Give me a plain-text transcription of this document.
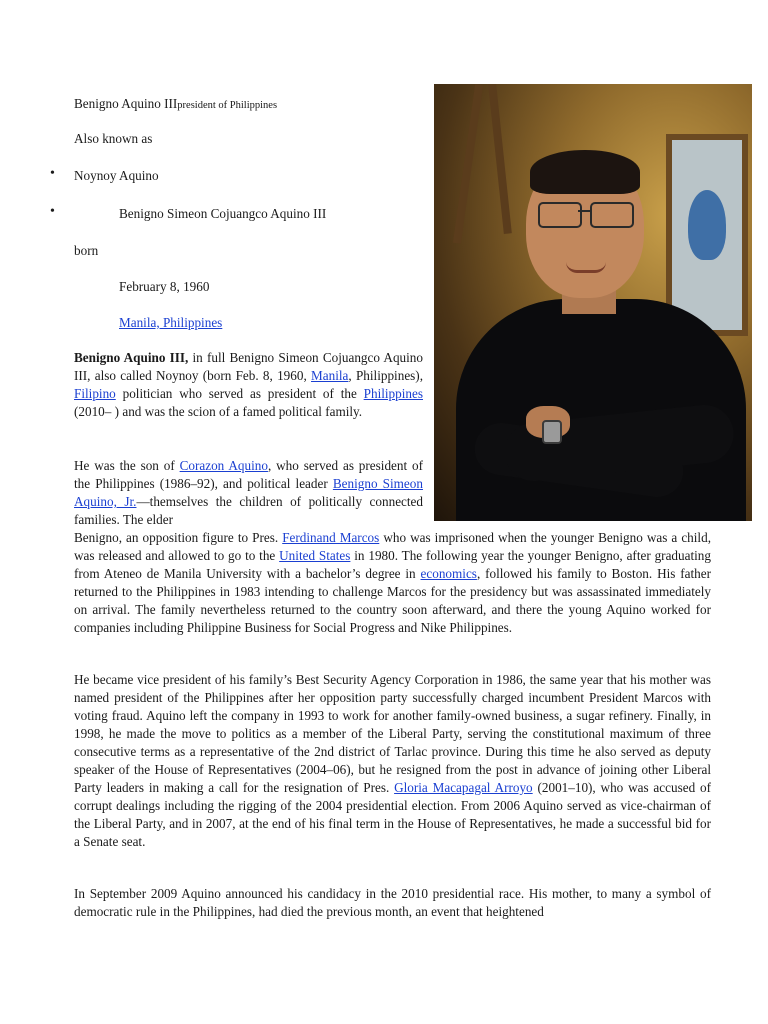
Benigno Aquino IIIpresident of Philippines

Also known as

• Noynoy Aquino

•	Benigno Simeon Cojuangco Aquino III

born

February 8, 1960

Manila, Philippines

Benigno Aquino III, in full Benigno Simeon Cojuangco Aquino III, also called Noynoy (born Feb. 8, 1960, Manila, Philippines), Filipino politician who served as president of the Philippines (2010– ) and was the scion of a famed political family.

He was the son of Corazon Aquino, who served as president of the Philippines (1986–92), and political leader Benigno Simeon Aquino, Jr.—themselves the children of politically connected families. The elder

Benigno, an opposition figure to Pres. Ferdinand Marcos who was imprisoned when the younger Benigno was a child, was released and allowed to go to the United States in 1980. The following year the younger Benigno, after graduating from Ateneo de Manila University with a bachelor’s degree in economics, followed his family to Boston. His father returned to the Philippines in 1983 intending to challenge Marcos for the presidency but was assassinated immediately on arrival. The family nevertheless returned to the country soon afterward, and there the young Aquino worked for companies including Philippine Business for Social Progress and Nike Philippines.

He became vice president of his family’s Best Security Agency Corporation in 1986, the same year that his mother was named president of the Philippines after her opposition party successfully charged incumbent President Marcos with voting fraud. Aquino left the company in 1993 to work for another family-owned business, a sugar refinery. Finally, in 1998, he made the move to politics as a member of the Liberal Party, serving the constitutional maximum of three consecutive terms as a representative of the 2nd district of Tarlac province. During this time he also served as deputy speaker of the House of Representatives (2004–06), but he resigned from the post in advance of joining other Liberal Party leaders in making a call for the resignation of Pres. Gloria Macapagal Arroyo (2001–10), who was accused of corrupt dealings including the rigging of the 2004 presidential election. From 2006 Aquino served as vice-chairman of the Liberal Party, and in 2007, at the end of his final term in the House of Representatives, he made a successful bid for a Senate seat.

In September 2009 Aquino announced his candidacy in the 2010 presidential race. His mother, to many a symbol of democratic rule in the Philippines, had died the previous month, an event that heightened
